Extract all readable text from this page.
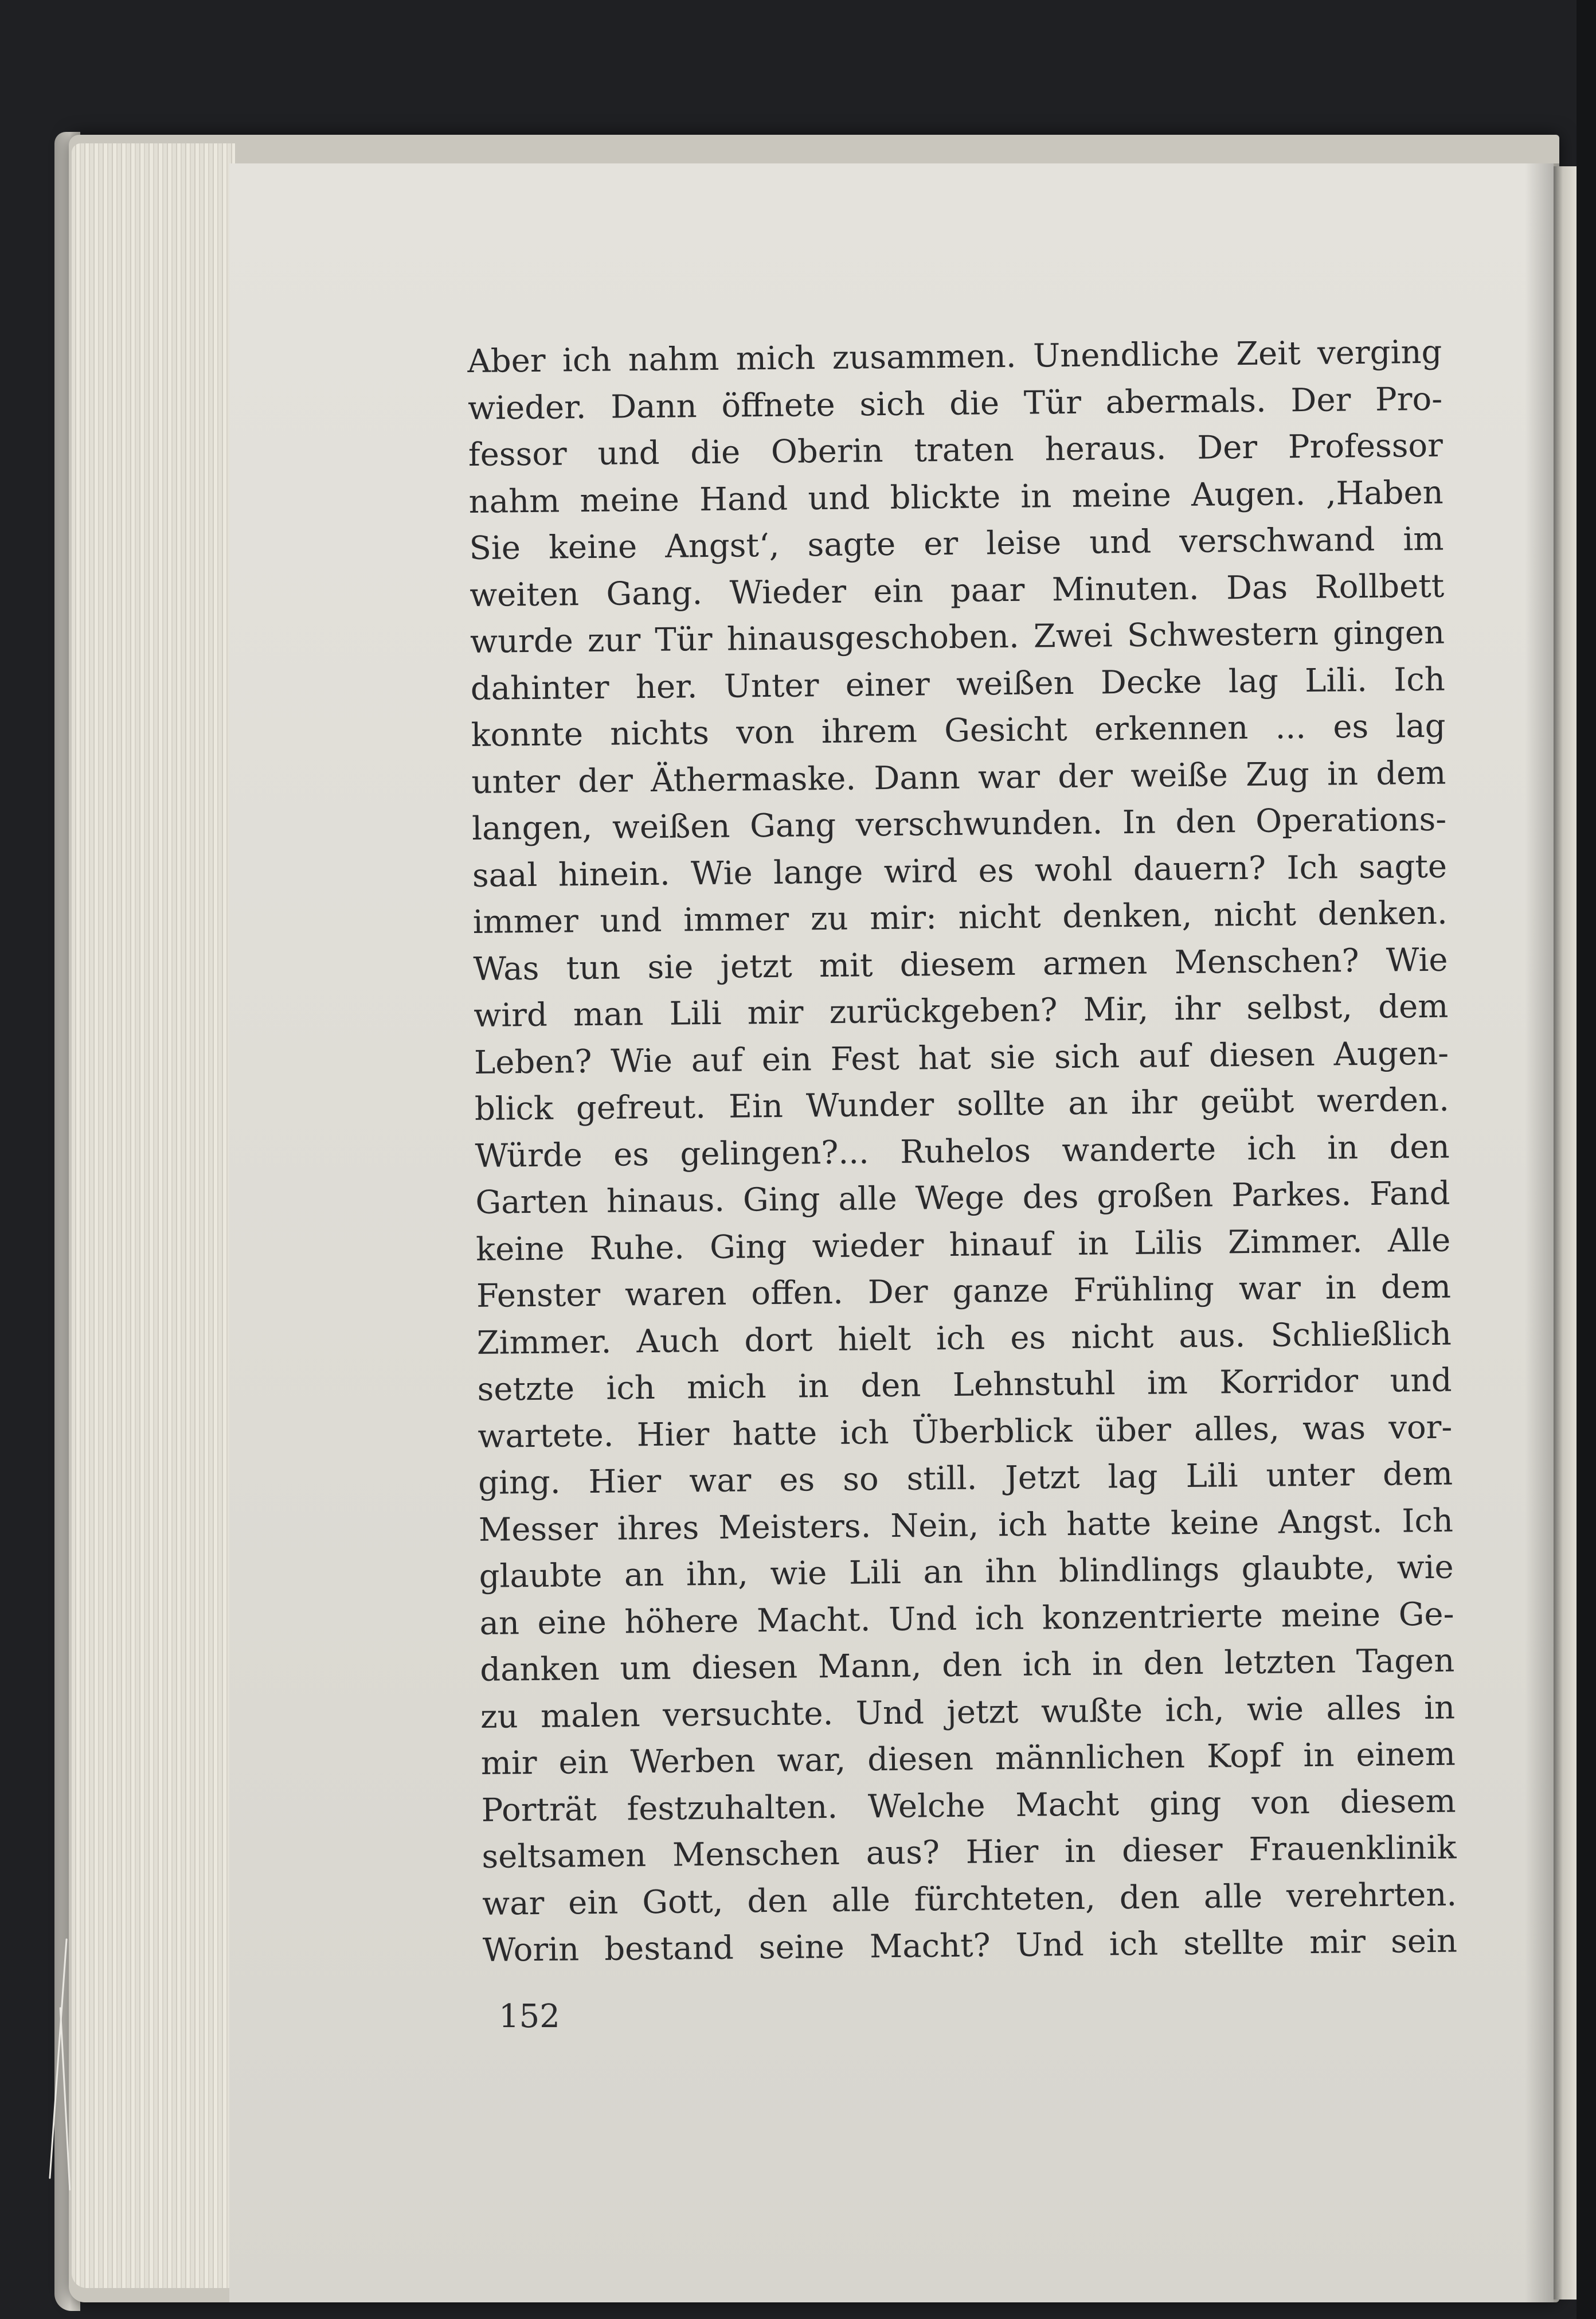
Aber ich nahm mich zusammen. Unendliche Zeit verging
wieder. Dann öffnete sich die Tür abermals. Der Pro-
fessor und die Oberin traten heraus. Der Professor
nahm meine Hand und blickte in meine Augen. ‚Haben
Sie keine Angst‘, sagte er leise und verschwand im
weiten Gang. Wieder ein paar Minuten. Das Rollbett
wurde zur Tür hinausgeschoben. Zwei Schwestern gingen
dahinter her. Unter einer weißen Decke lag Lili. Ich
konnte nichts von ihrem Gesicht erkennen ... es lag
unter der Äthermaske. Dann war der weiße Zug in dem
langen, weißen Gang verschwunden. In den Operations-
saal hinein. Wie lange wird es wohl dauern? Ich sagte
immer und immer zu mir: nicht denken, nicht denken.
Was tun sie jetzt mit diesem armen Menschen? Wie
wird man Lili mir zurückgeben? Mir, ihr selbst, dem
Leben? Wie auf ein Fest hat sie sich auf diesen Augen-
blick gefreut. Ein Wunder sollte an ihr geübt werden.
Würde es gelingen?... Ruhelos wanderte ich in den
Garten hinaus. Ging alle Wege des großen Parkes. Fand
keine Ruhe. Ging wieder hinauf in Lilis Zimmer. Alle
Fenster waren offen. Der ganze Frühling war in dem
Zimmer. Auch dort hielt ich es nicht aus. Schließlich
setzte ich mich in den Lehnstuhl im Korridor und
wartete. Hier hatte ich Überblick über alles, was vor-
ging. Hier war es so still. Jetzt lag Lili unter dem
Messer ihres Meisters. Nein, ich hatte keine Angst. Ich
glaubte an ihn, wie Lili an ihn blindlings glaubte, wie
an eine höhere Macht. Und ich konzentrierte meine Ge-
danken um diesen Mann, den ich in den letzten Tagen
zu malen versuchte. Und jetzt wußte ich, wie alles in
mir ein Werben war, diesen männlichen Kopf in einem
Porträt festzuhalten. Welche Macht ging von diesem
seltsamen Menschen aus? Hier in dieser Frauenklinik
war ein Gott, den alle fürchteten, den alle verehrten.
Worin bestand seine Macht? Und ich stellte mir sein
152
